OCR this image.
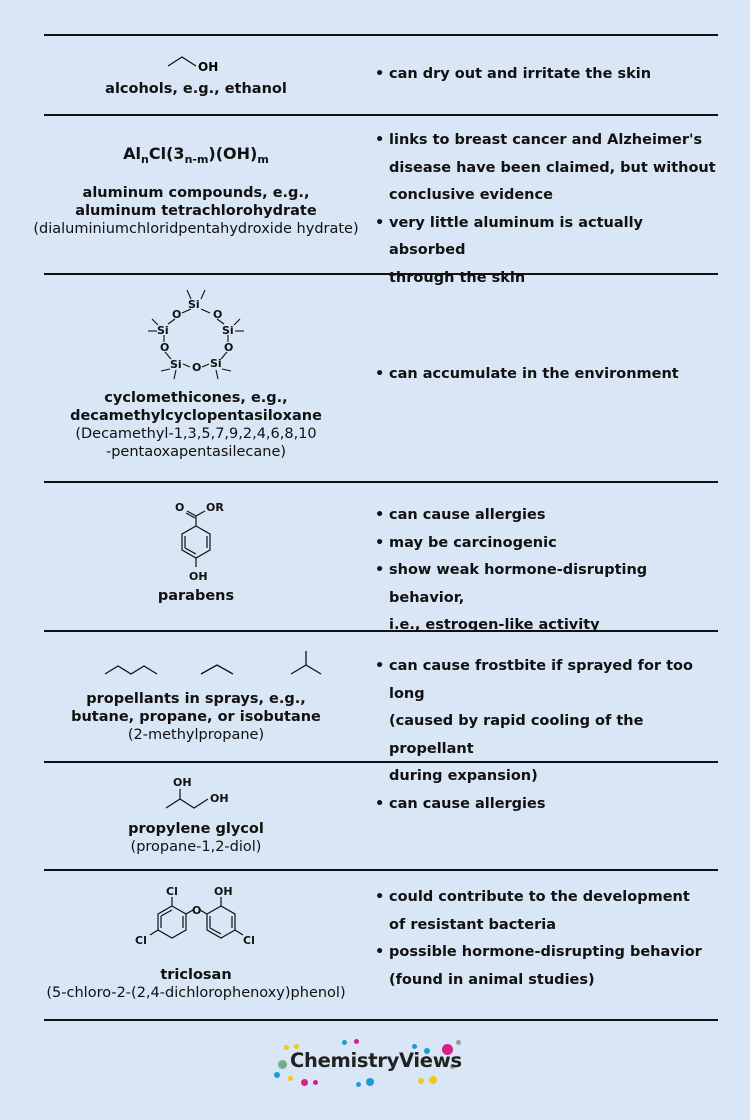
OH
alcohols, e.g., ethanol
• can dry out and irritate the skin
$Al_nCl(3_{n-m})(OH)_m$
aluminum compounds, e.g.,
aluminum tetrachlorohydrate
(dialuminiumchloridpentahydroxide hydrate)
• links to breast cancer and Alzheimer's
disease have been claimed, but without
conclusive evidence
• very little aluminum is actually absorbed
through the skin
Si
O	O
Si	Si
O	O
Si	Si
O
cyclomethicones, e.g.,
decamethylcyclopentasiloxane
(Decamethyl-1,3,5,7,9,2,4,6,8,10
-pentaoxapentasilecane)
• can accumulate in the environment
O OR
OH
parabens
• can cause allergies
• may be carcinogenic
• show weak hormone-disrupting behavior,
i.e., estrogen-like activity
propellants in sprays, e.g.,
butane, propane, or isobutane
(2-methylpropane)
• can cause frostbite if sprayed for too long
(caused by rapid cooling of the propellant
during expansion)
OH
OH
propylene glycol
(propane-1,2-diol)
• can cause allergies
Cl	OH
O
Cl	Cl
triclosan
(5-chloro-2-(2,4-dichlorophenoxy)phenol)
• could contribute to the development
of resistant bacteria
• possible hormone-disrupting behavior
(found in animal studies)
ChemistryViews
